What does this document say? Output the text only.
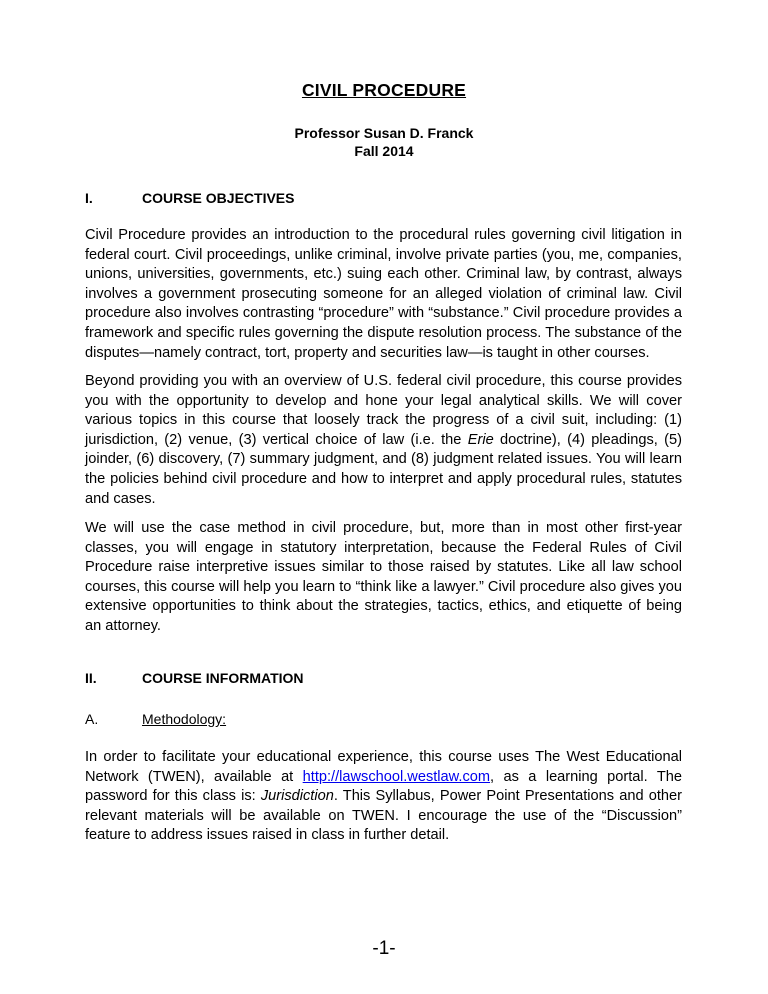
CIVIL PROCEDURE
Professor Susan D. Franck
Fall 2014
I.	COURSE OBJECTIVES

Civil Procedure provides an introduction to the procedural rules governing civil litigation in federal court. Civil proceedings, unlike criminal, involve private parties (you, me, companies, unions, universities, governments, etc.) suing each other. Criminal law, by contrast, always involves a government prosecuting someone for an alleged violation of criminal law. Civil procedure also involves contrasting “procedure” with “substance.” Civil procedure provides a framework and specific rules governing the dispute resolution process. The substance of the disputes—namely contract, tort, property and securities law—is taught in other courses.

Beyond providing you with an overview of U.S. federal civil procedure, this course provides you with the opportunity to develop and hone your legal analytical skills. We will cover various topics in this course that loosely track the progress of a civil suit, including: (1) jurisdiction, (2) venue, (3) vertical choice of law (i.e. the Erie doctrine), (4) pleadings, (5) joinder, (6) discovery, (7) summary judgment, and (8) judgment related issues. You will learn the policies behind civil procedure and how to interpret and apply procedural rules, statutes and cases.

We will use the case method in civil procedure, but, more than in most other first-year classes, you will engage in statutory interpretation, because the Federal Rules of Civil Procedure raise interpretive issues similar to those raised by statutes. Like all law school courses, this course will help you learn to “think like a lawyer.” Civil procedure also gives you extensive opportunities to think about the strategies, tactics, ethics, and etiquette of being an attorney.

II.	COURSE INFORMATION
A.	Methodology:

In order to facilitate your educational experience, this course uses The West Educational Network (TWEN), available at http://lawschool.westlaw.com, as a learning portal. The password for this class is: Jurisdiction. This Syllabus, Power Point Presentations and other relevant materials will be available on TWEN. I encourage the use of the “Discussion” feature to address issues raised in class in further detail.

-1-
